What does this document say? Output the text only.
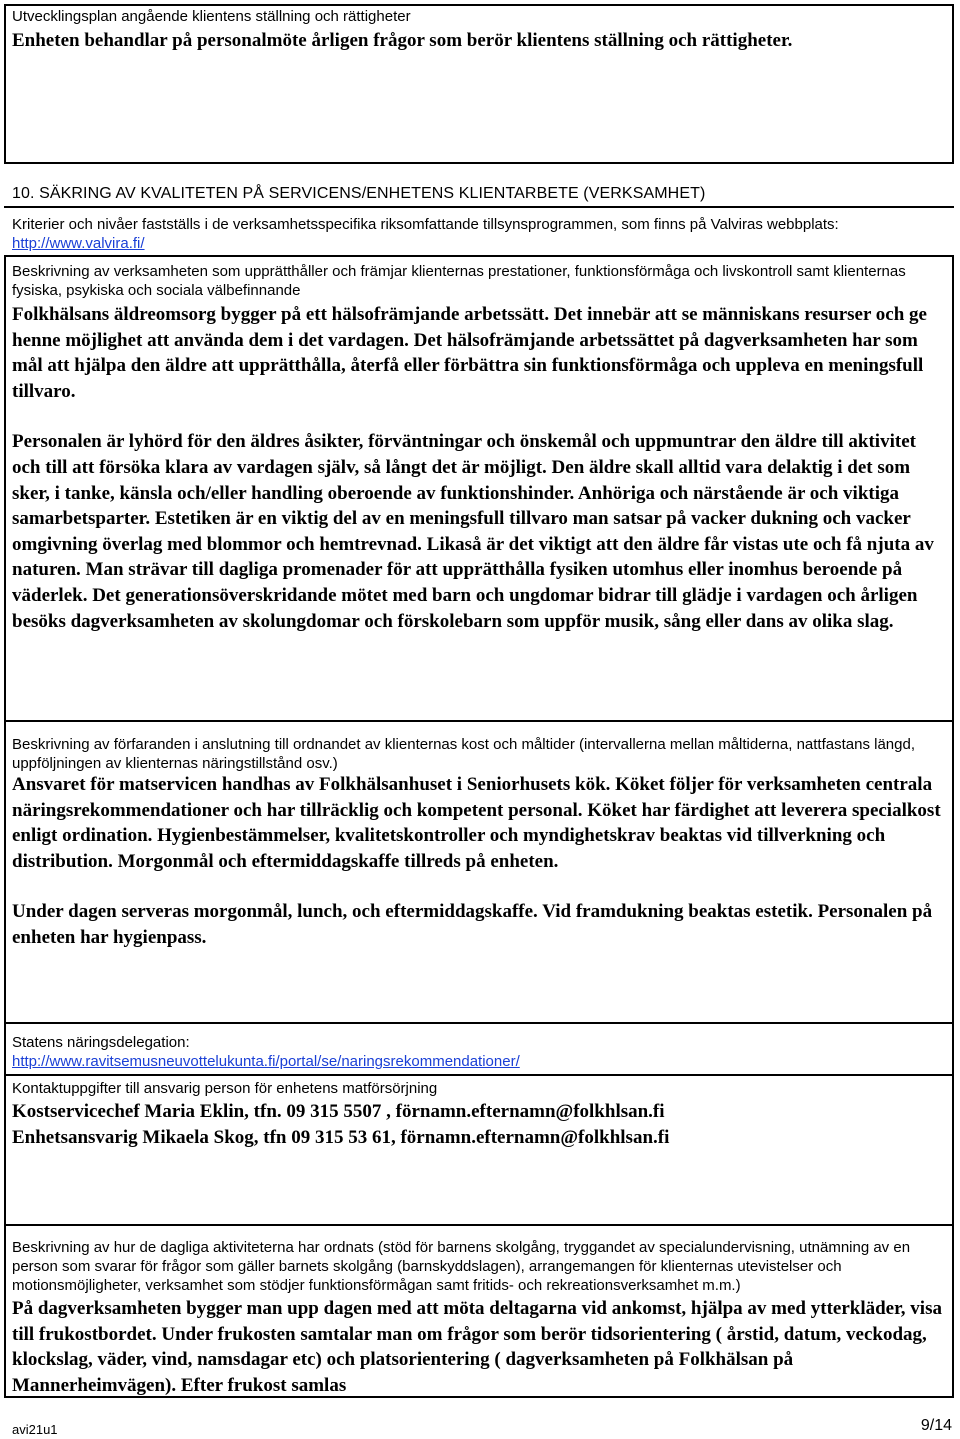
Utvecklingsplan angående klientens ställning och rättigheter
Enheten behandlar på personalmöte årligen frågor som berör klientens ställning och rättigheter.
10. SÄKRING AV KVALITETEN PÅ SERVICENS/ENHETENS KLIENTARBETE (VERKSAMHET)
Kriterier och nivåer fastställs i de verksamhetsspecifika riksomfattande tillsynsprogrammen, som finns på Valviras webbplats:
http://www.valvira.fi/
Beskrivning av verksamheten som upprätthåller och främjar klienternas prestationer, funktionsförmåga och livskontroll samt klienternas fysiska, psykiska och sociala välbefinnande

Folkhälsans äldreomsorg bygger på ett hälsofrämjande arbetssätt. Det innebär att se människans resurser och ge henne möjlighet att använda dem i det vardagen. Det hälsofrämjande arbetssättet på dagverksamheten har som mål att hjälpa den äldre att upprätthålla, återfå eller förbättra sin funktionsförmåga och uppleva en meningsfull tillvaro.

Personalen är lyhörd för den äldres åsikter, förväntningar och önskemål och uppmuntrar den äldre till aktivitet och till att försöka klara av vardagen själv, så långt det är möjligt. Den äldre skall alltid vara delaktig i det som sker, i tanke, känsla och/eller handling oberoende av funktionshinder. Anhöriga och närstående är och viktiga samarbetsparter. Estetiken är en viktig del av en meningsfull tillvaro man satsar på vacker dukning och vacker omgivning överlag med blommor och hemtrevnad. Likaså är det viktigt att den äldre får vistas ute och få njuta av naturen. Man strävar till dagliga promenader för att upprätthålla fysiken utomhus eller inomhus beroende på väderlek. Det generationsöverskridande mötet med barn och ungdomar bidrar till glädje i vardagen och årligen besöks dagverksamheten av skolungdomar och förskolebarn som uppför musik, sång eller dans av olika slag.

Beskrivning av förfaranden i anslutning till ordnandet av klienternas kost och måltider (intervallerna mellan måltiderna, nattfastans längd, uppföljningen av klienternas näringstillstånd osv.)

Ansvaret för matservicen handhas av Folkhälsanhuset i Seniorhusets kök. Köket följer för verksamheten centrala näringsrekommendationer och har tillräcklig och kompetent personal. Köket har färdighet att leverera specialkost enligt ordination. Hygienbestämmelser, kvalitetskontroller och myndighetskrav beaktas vid tillverkning och distribution. Morgonmål och eftermiddagskaffe tillreds på enheten.

Under dagen serveras morgonmål, lunch, och eftermiddagskaffe. Vid framdukning beaktas estetik. Personalen på enheten har hygienpass.

Statens näringsdelegation:
http://www.ravitsemusneuvottelukunta.fi/portal/se/naringsrekommendationer/
Kontaktuppgifter till ansvarig person för enhetens matförsörjning
Kostservicechef Maria Eklin, tfn. 09 315 5507 , förnamn.efternamn@folkhlsan.fi
Enhetsansvarig Mikaela Skog, tfn 09 315 53 61, förnamn.efternamn@folkhlsan.fi
Beskrivning av hur de dagliga aktiviteterna har ordnats (stöd för barnens skolgång, tryggandet av specialundervisning, utnämning av en person som svarar för frågor som gäller barnets skolgång (barnskyddslagen), arrangemangen för klienternas utevistelser och motionsmöjligheter, verksamhet som stödjer funktionsförmågan samt fritids- och rekreationsverksamhet m.m.)
På dagverksamheten bygger man upp dagen med att möta deltagarna vid ankomst, hjälpa av med ytterkläder, visa till frukostbordet. Under frukosten samtalar man om frågor som berör tidsorientering ( årstid, datum, veckodag, klockslag, väder, vind, namsdagar etc) och platsorientering ( dagverksamheten på Folkhälsan på Mannerheimvägen). Efter frukost samlas
avi21u1	9/14
